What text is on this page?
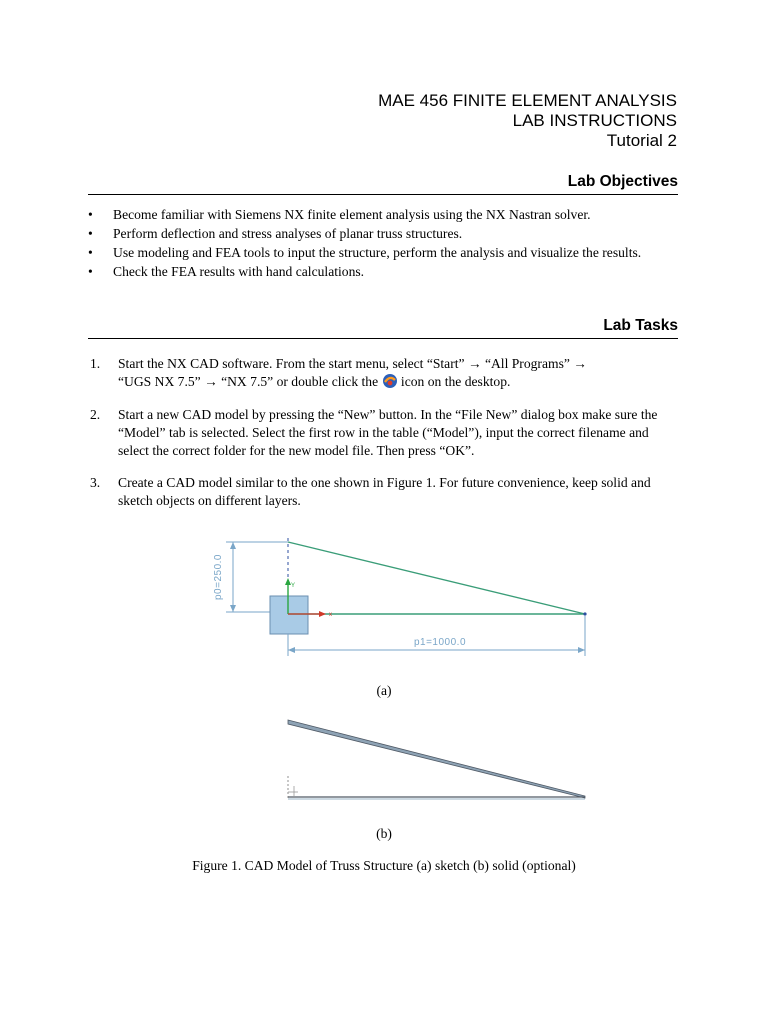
MAE 456 FINITE ELEMENT ANALYSIS
LAB INSTRUCTIONS
Tutorial 2
Lab Objectives
• Become familiar with Siemens NX finite element analysis using the NX Nastran solver.
• Perform deflection and stress analyses of planar truss structures.
• Use modeling and FEA tools to input the structure, perform the analysis and visualize the results.
• Check the FEA results with hand calculations.
Lab Tasks
1. Start the NX CAD software. From the start menu, select “Start” → “All Programs” →
“UGS NX 7.5” → “NX 7.5” or double click the  icon on the desktop.
2. Start a new CAD model by pressing the “New” button. In the “File New” dialog box make sure the “Model” tab is selected. Select the first row in the table (“Model”), input the correct filename and select the correct folder for the new model file. Then press “OK”.
3. Create a CAD model similar to the one shown in Figure 1. For future convenience, keep solid and sketch objects on different layers.
p0=250.0	Y
x
p1=1000.0
(a)
(b)
Figure 1. CAD Model of Truss Structure (a) sketch (b) solid (optional)
